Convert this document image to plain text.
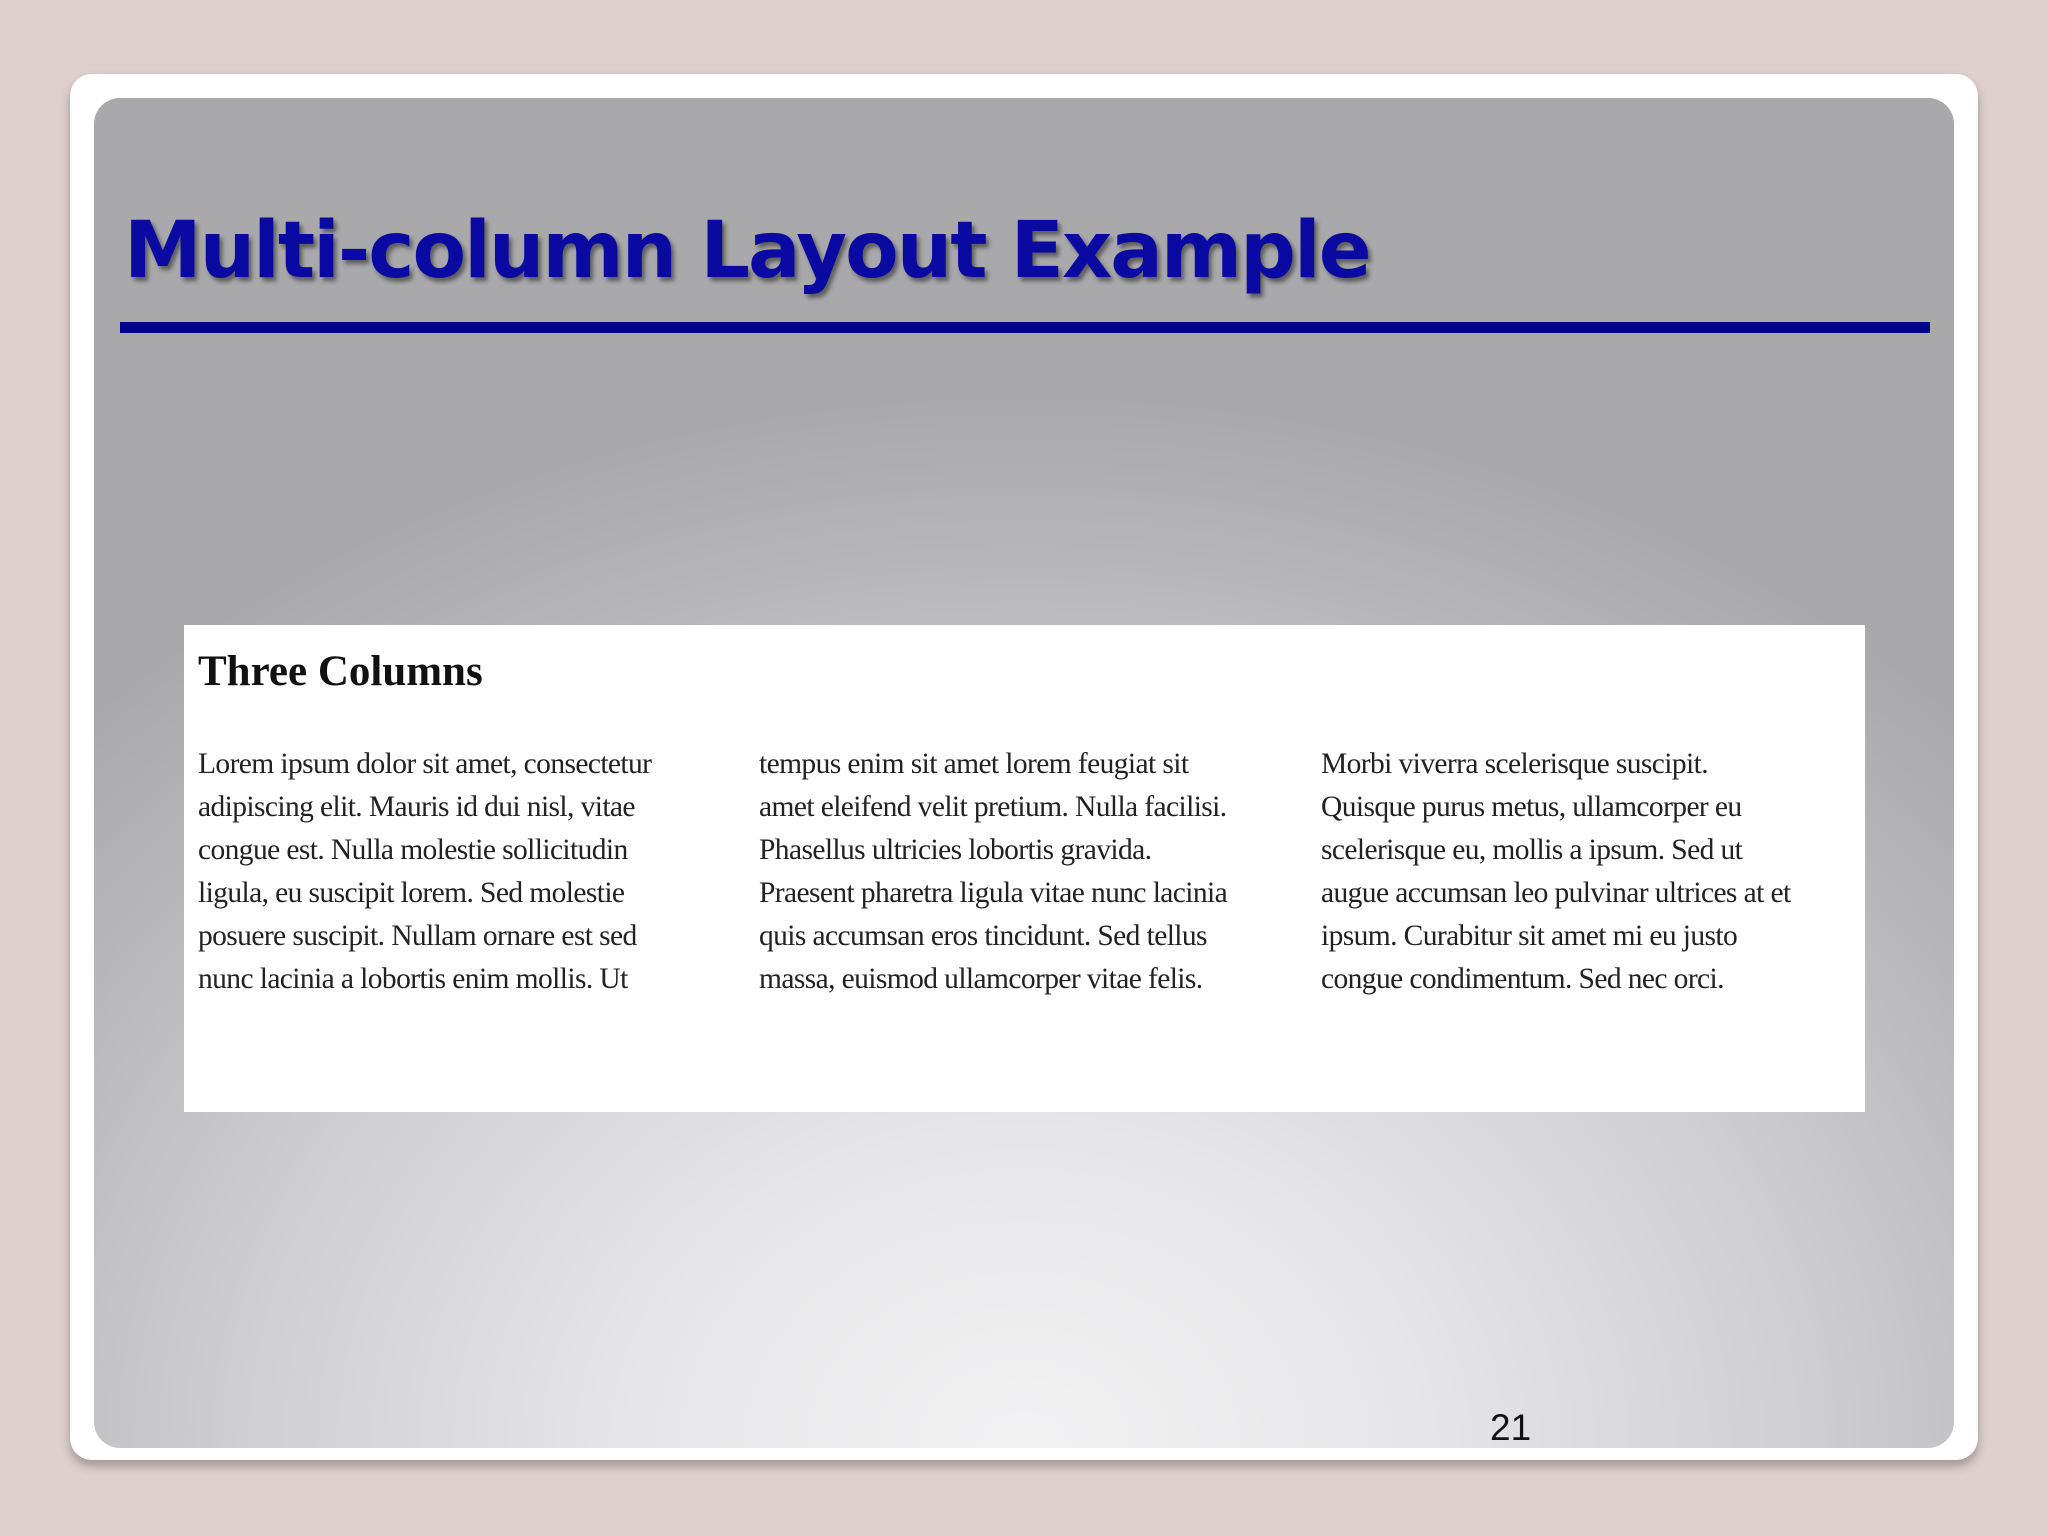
Multi-column Layout Example
Three Columns

Lorem ipsum dolor sit amet, consectetur

adipiscing elit. Mauris id dui nisl, vitae

congue est. Nulla molestie sollicitudin

ligula, eu suscipit lorem. Sed molestie

posuere suscipit. Nullam ornare est sed

nunc lacinia a lobortis enim mollis. Ut

tempus enim sit amet lorem feugiat sit

amet eleifend velit pretium. Nulla facilisi.

Phasellus ultricies lobortis gravida.

Praesent pharetra ligula vitae nunc lacinia

quis accumsan eros tincidunt. Sed tellus

massa, euismod ullamcorper vitae felis.

Morbi viverra scelerisque suscipit.

Quisque purus metus, ullamcorper eu

scelerisque eu, mollis a ipsum. Sed ut

augue accumsan leo pulvinar ultrices at et

ipsum. Curabitur sit amet mi eu justo

congue condimentum. Sed nec orci.

21
